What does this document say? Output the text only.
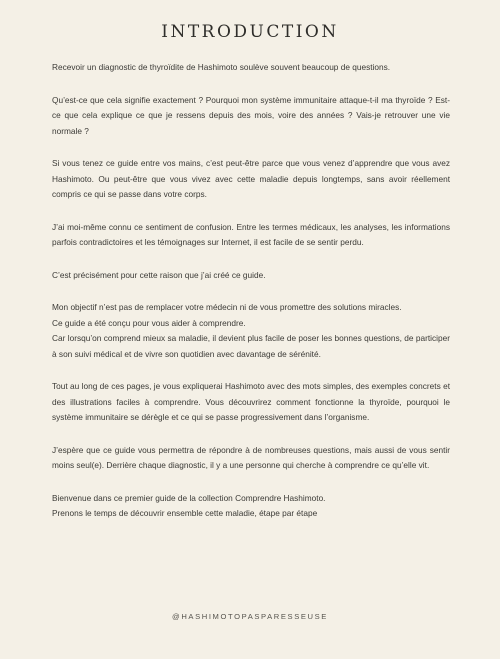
INTRODUCTION

Recevoir un diagnostic de thyroïdite de Hashimoto soulève souvent beaucoup de questions.

Qu’est-ce que cela signifie exactement ? Pourquoi mon système immunitaire attaque-t-il ma thyroïde ? Est-ce que cela explique ce que je ressens depuis des mois, voire des années ? Vais-je retrouver une vie normale ?

Si vous tenez ce guide entre vos mains, c’est peut-être parce que vous venez d’apprendre que vous avez Hashimoto. Ou peut-être que vous vivez avec cette maladie depuis longtemps, sans avoir réellement compris ce qui se passe dans votre corps.

J’ai moi-même connu ce sentiment de confusion. Entre les termes médicaux, les analyses, les informations parfois contradictoires et les témoignages sur Internet, il est facile de se sentir perdu.

C’est précisément pour cette raison que j’ai créé ce guide.

Mon objectif n’est pas de remplacer votre médecin ni de vous promettre des solutions miracles.

Ce guide a été conçu pour vous aider à comprendre.

Car lorsqu’on comprend mieux sa maladie, il devient plus facile de poser les bonnes questions, de participer à son suivi médical et de vivre son quotidien avec davantage de sérénité.

Tout au long de ces pages, je vous expliquerai Hashimoto avec des mots simples, des exemples concrets et des illustrations faciles à comprendre. Vous découvrirez comment fonctionne la thyroïde, pourquoi le système immunitaire se dérègle et ce qui se passe progressivement dans l’organisme.

J’espère que ce guide vous permettra de répondre à de nombreuses questions, mais aussi de vous sentir moins seul(e). Derrière chaque diagnostic, il y a une personne qui cherche à comprendre ce qu’elle vit.

Bienvenue dans ce premier guide de la collection Comprendre Hashimoto.

Prenons le temps de découvrir ensemble cette maladie, étape par étape

@HASHIMOTOPASPARESSEUSE
